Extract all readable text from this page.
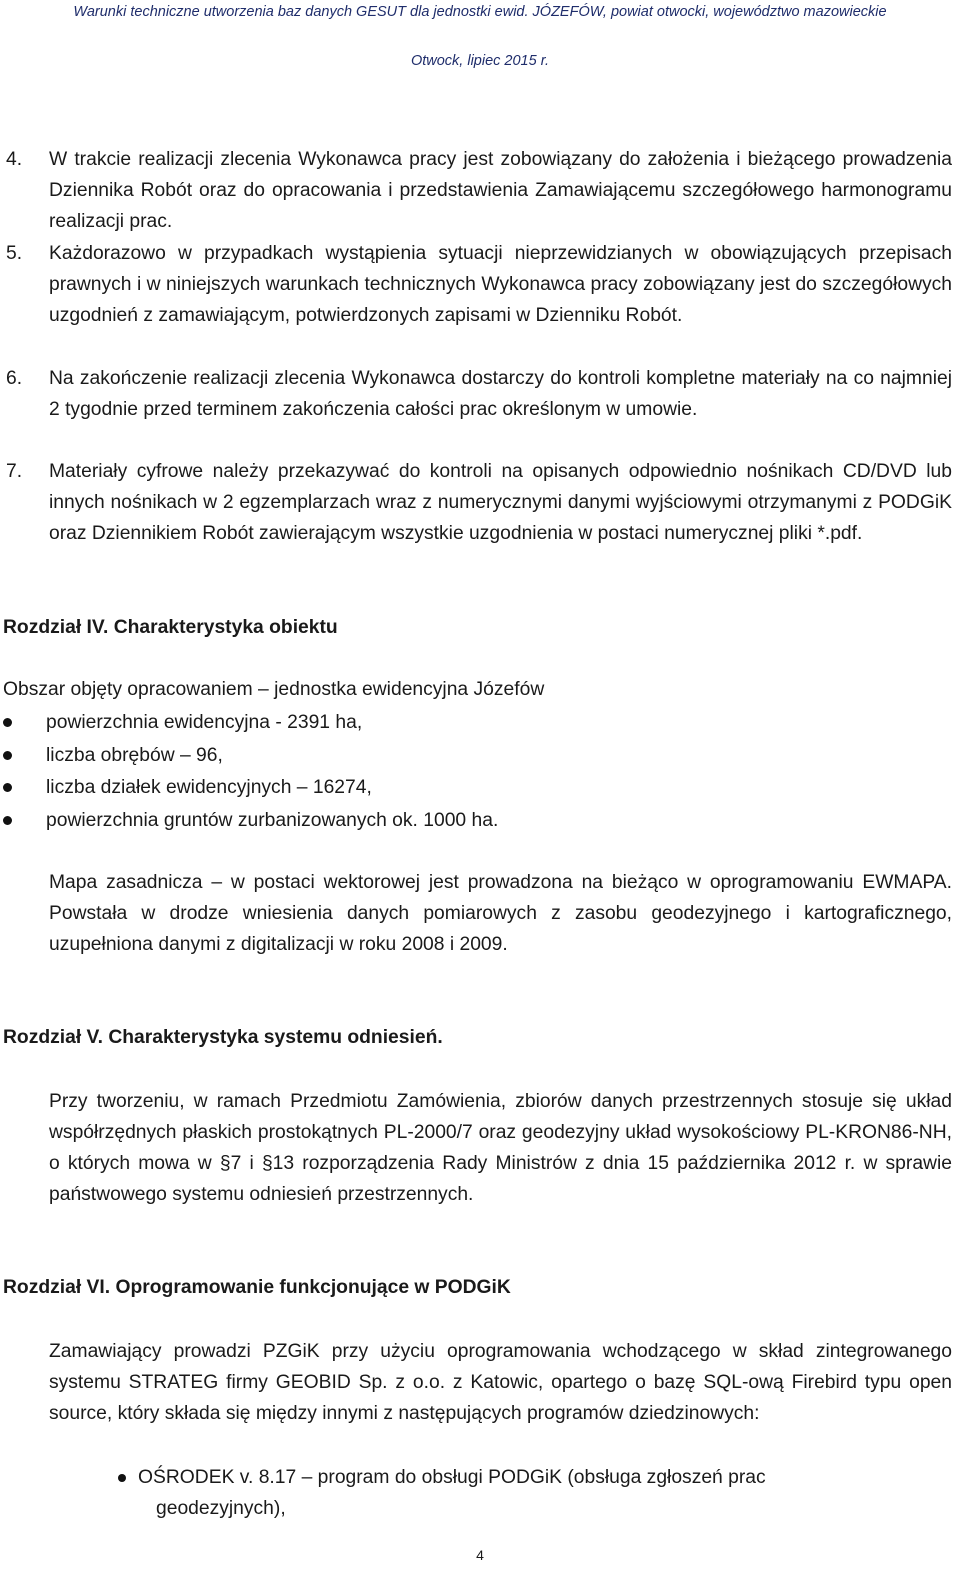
Warunki techniczne utworzenia baz danych GESUT dla jednostki ewid. JÓZEFÓW, powiat otwocki, województwo mazowieckie
Otwock, lipiec 2015 r.
4.	W trakcie realizacji zlecenia Wykonawca pracy jest zobowiązany do założenia i bieżącego prowadzenia Dziennika Robót oraz do opracowania i przedstawienia Zamawiającemu szczegółowego harmonogramu realizacji prac.
5.	Każdorazowo w przypadkach wystąpienia sytuacji nieprzewidzianych w obowiązujących przepisach prawnych i w niniejszych warunkach technicznych Wykonawca pracy zobowiązany jest do szczegółowych uzgodnień z zamawiającym, potwierdzonych zapisami w Dzienniku Robót.
6.	Na zakończenie realizacji zlecenia Wykonawca dostarczy do kontroli kompletne materiały na co najmniej 2 tygodnie przed terminem zakończenia całości prac określonym w umowie.
7.	Materiały cyfrowe należy przekazywać do kontroli na opisanych odpowiednio nośnikach CD/DVD lub innych nośnikach w 2 egzemplarzach wraz z numerycznymi danymi wyjściowymi otrzymanymi z PODGiK oraz Dziennikiem Robót zawierającym wszystkie uzgodnienia w postaci numerycznej pliki *.pdf.
Rozdział IV. Charakterystyka obiektu
Obszar objęty opracowaniem – jednostka ewidencyjna Józefów
powierzchnia ewidencyjna - 2391 ha,
liczba obrębów – 96,
liczba działek ewidencyjnych – 16274,
powierzchnia gruntów zurbanizowanych ok. 1000 ha.
Mapa zasadnicza – w postaci wektorowej jest prowadzona na bieżąco w oprogramowaniu EWMAPA. Powstała w drodze wniesienia danych pomiarowych z zasobu geodezyjnego i kartograficznego, uzupełniona danymi z digitalizacji w roku 2008 i 2009.
Rozdział V. Charakterystyka systemu odniesień.
Przy tworzeniu, w ramach Przedmiotu Zamówienia, zbiorów danych przestrzennych stosuje się układ współrzędnych płaskich prostokątnych PL-2000/7 oraz geodezyjny układ wysokościowy PL-KRON86-NH, o których mowa w §7 i §13 rozporządzenia Rady Ministrów z dnia 15 października 2012 r. w sprawie państwowego systemu odniesień przestrzennych.
Rozdział VI. Oprogramowanie funkcjonujące w PODGiK
Zamawiający prowadzi PZGiK przy użyciu oprogramowania wchodzącego w skład zintegrowanego systemu STRATEG firmy GEOBID Sp. z o.o. z Katowic, opartego o bazę SQL-ową Firebird typu open source, który składa się między innymi z następujących programów dziedzinowych:
OŚRODEK v. 8.17 – program do obsługi PODGiK (obsługa zgłoszeń prac
geodezyjnych),
4
